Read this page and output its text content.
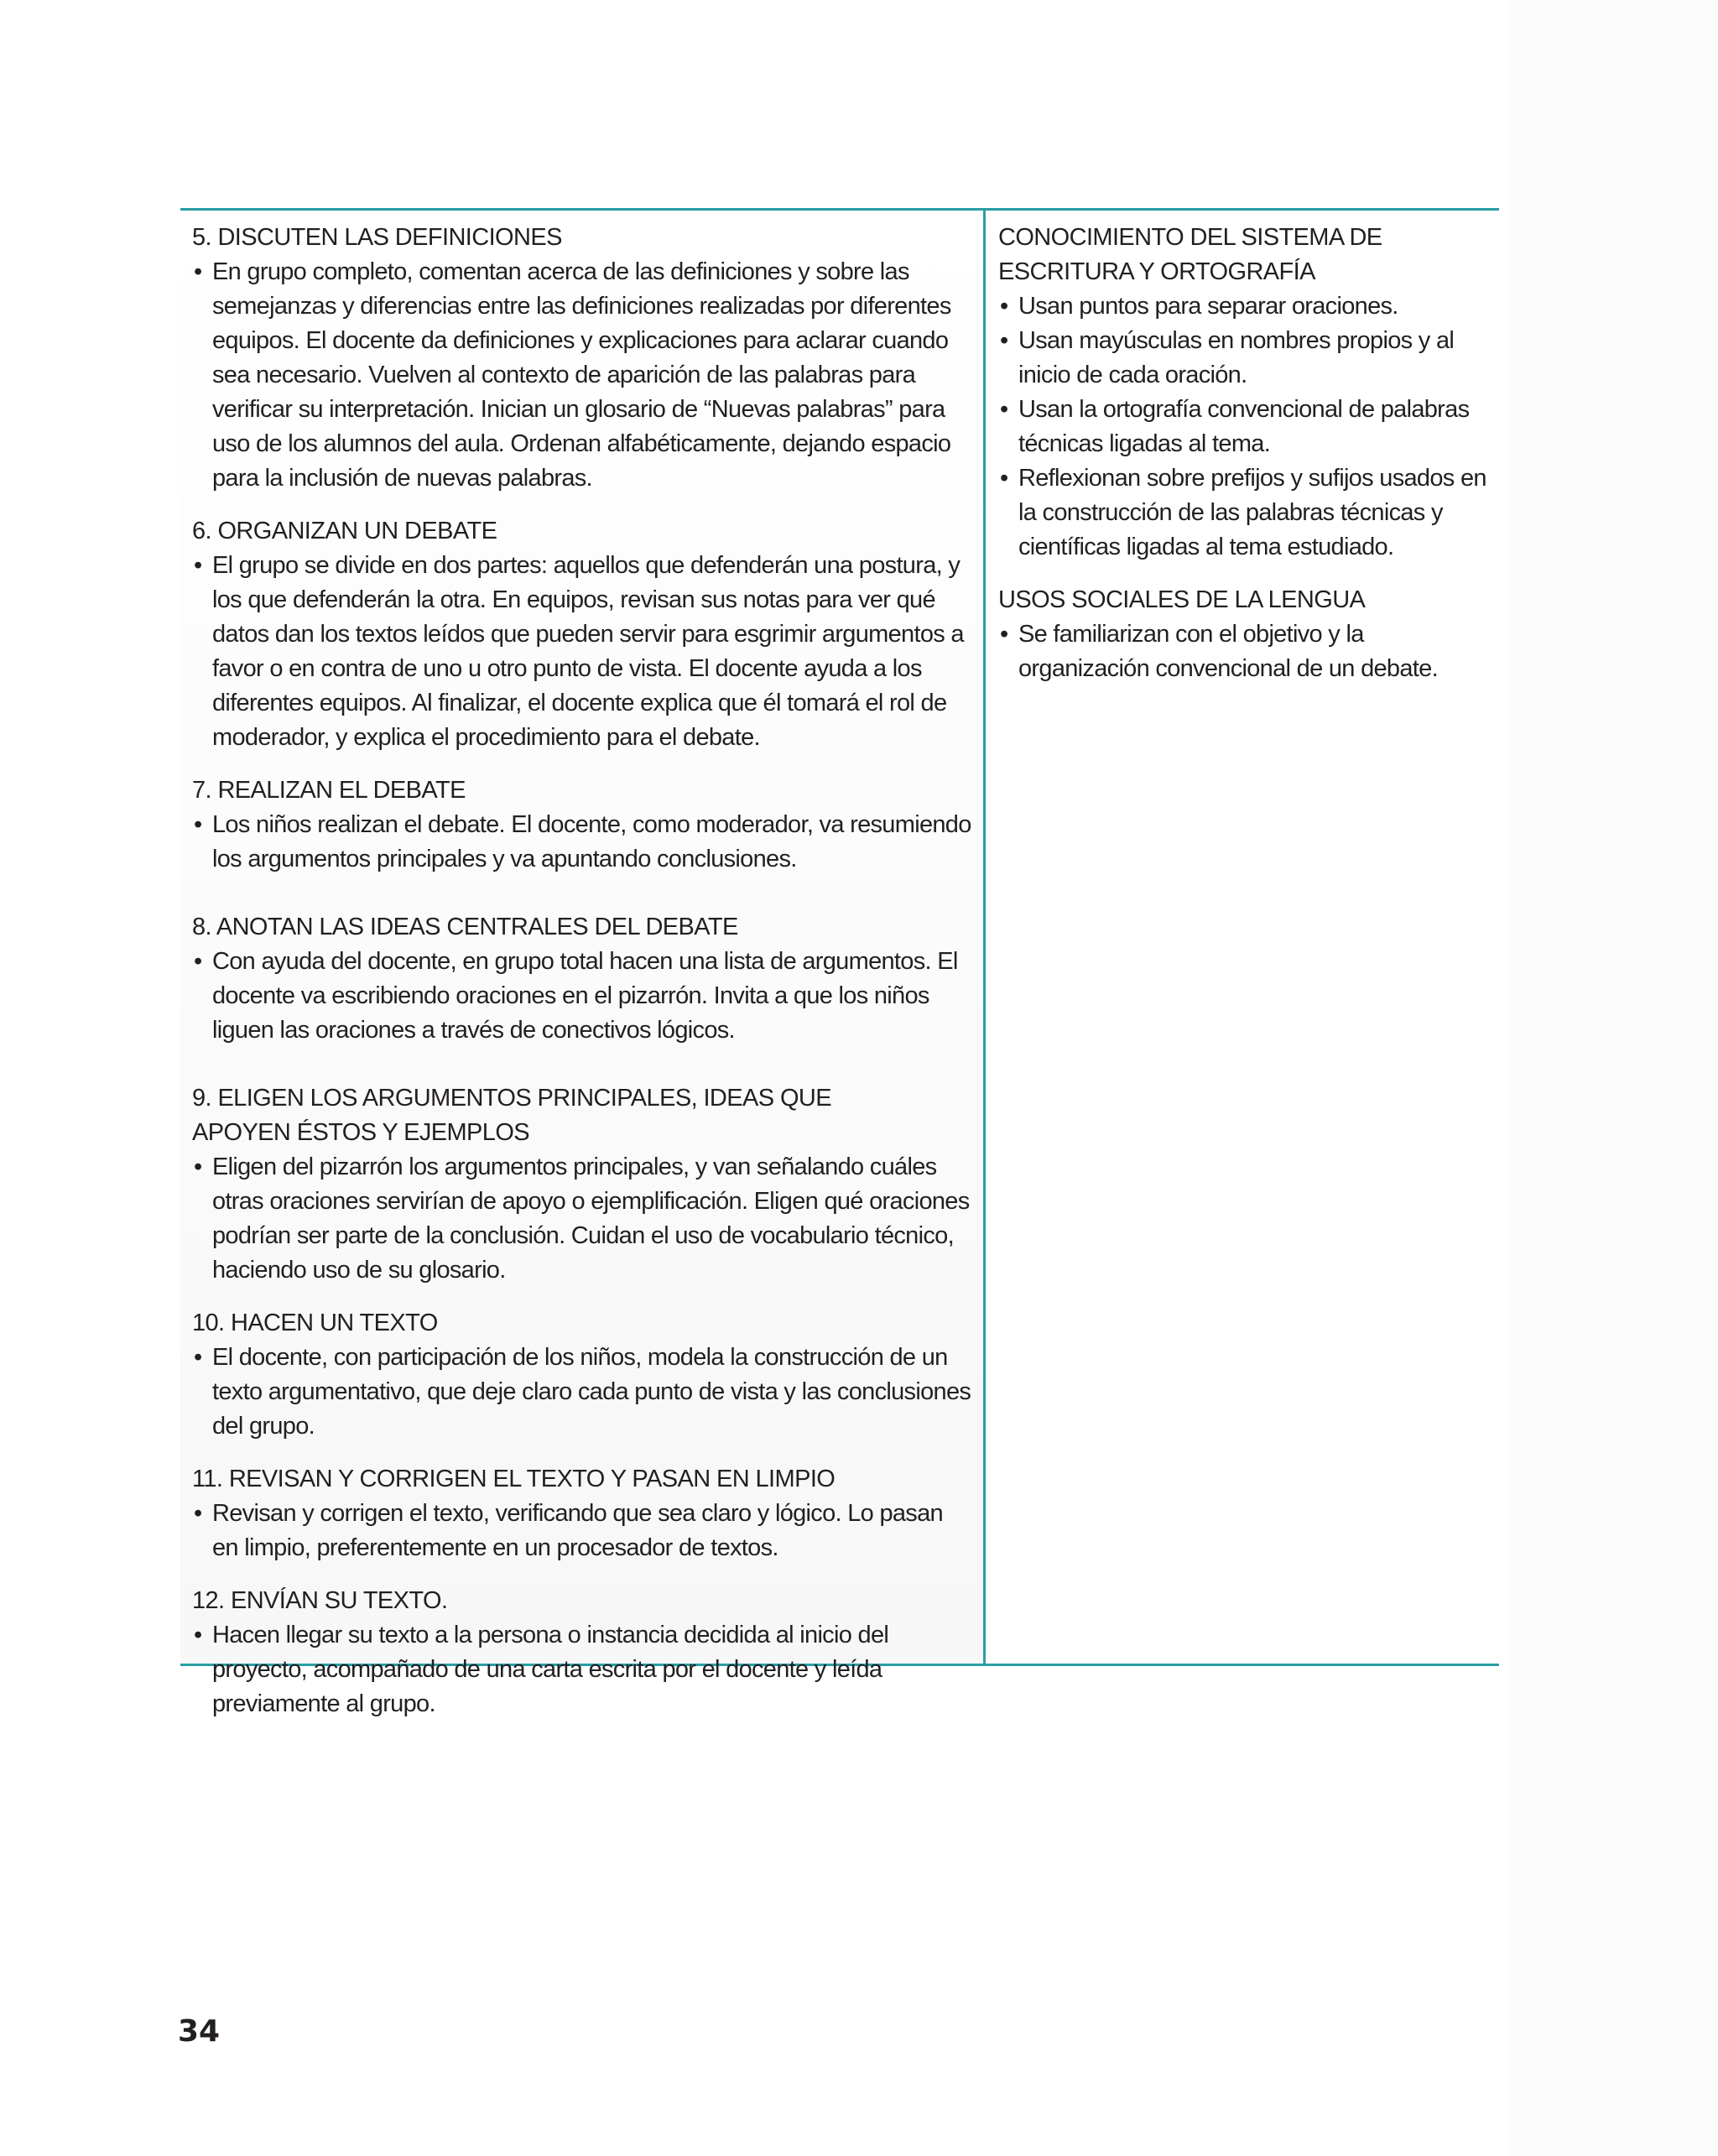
5. DISCUTEN LAS DEFINICIONES

• En grupo completo, comentan acerca de las definiciones y sobre las semejanzas y diferencias entre las definiciones realizadas por diferentes equipos. El docente da definiciones y explicaciones para aclarar cuando sea necesario. Vuelven al contexto de aparición de las palabras para verificar su interpretación. Inician un glosario de “Nuevas palabras” para uso de los alumnos del aula. Ordenan alfabéticamente, dejando espacio para la inclusión de nuevas palabras.

6. ORGANIZAN UN DEBATE

• El grupo se divide en dos partes: aquellos que defenderán una postura, y los que defenderán la otra. En equipos, revisan sus notas para ver qué datos dan los textos leídos que pueden servir para esgrimir argumentos a favor o en contra de uno u otro punto de vista. El docente ayuda a los diferentes equipos. Al finalizar, el docente explica que él tomará el rol de moderador, y explica el procedimiento para el debate.

7. REALIZAN EL DEBATE

• Los niños realizan el debate. El docente, como moderador, va resumiendo los argumentos principales y va apuntando conclusiones.

8. ANOTAN LAS IDEAS CENTRALES DEL DEBATE

• Con ayuda del docente, en grupo total hacen una lista de argumentos. El docente va escribiendo oraciones en el pizarrón. Invita a que los niños liguen las oraciones a través de conectivos lógicos.

9. ELIGEN LOS ARGUMENTOS PRINCIPALES, IDEAS QUE APOYEN ÉSTOS Y EJEMPLOS

• Eligen del pizarrón los argumentos principales, y van señalando cuáles otras oraciones servirían de apoyo o ejemplificación. Eligen qué oraciones podrían ser parte de la conclusión. Cuidan el uso de vocabulario técnico, haciendo uso de su glosario.

10. HACEN UN TEXTO

• El docente, con participación de los niños, modela la construcción de un texto argumentativo, que deje claro cada punto de vista y las conclusiones del grupo.

11. REVISAN Y CORRIGEN EL TEXTO Y PASAN EN LIMPIO

• Revisan y corrigen el texto, verificando que sea claro y lógico. Lo pasan en limpio, preferentemente en un procesador de textos.

12. ENVÍAN SU TEXTO.

• Hacen llegar su texto a la persona o instancia decidida al inicio del proyecto, acompañado de una carta escrita por el docente y leída previamente al grupo.

CONOCIMIENTO DEL SISTEMA DE ESCRITURA Y ORTOGRAFÍA

• Usan puntos para separar oraciones.
• Usan mayúsculas en nombres propios y al inicio de cada oración.
• Usan la ortografía convencional de palabras técnicas ligadas al tema.
• Reflexionan sobre prefijos y sufijos usados en la construcción de las palabras técnicas y científicas ligadas al tema estudiado.

USOS SOCIALES DE LA LENGUA

• Se familiarizan con el objetivo y la organización convencional de un debate.
34
